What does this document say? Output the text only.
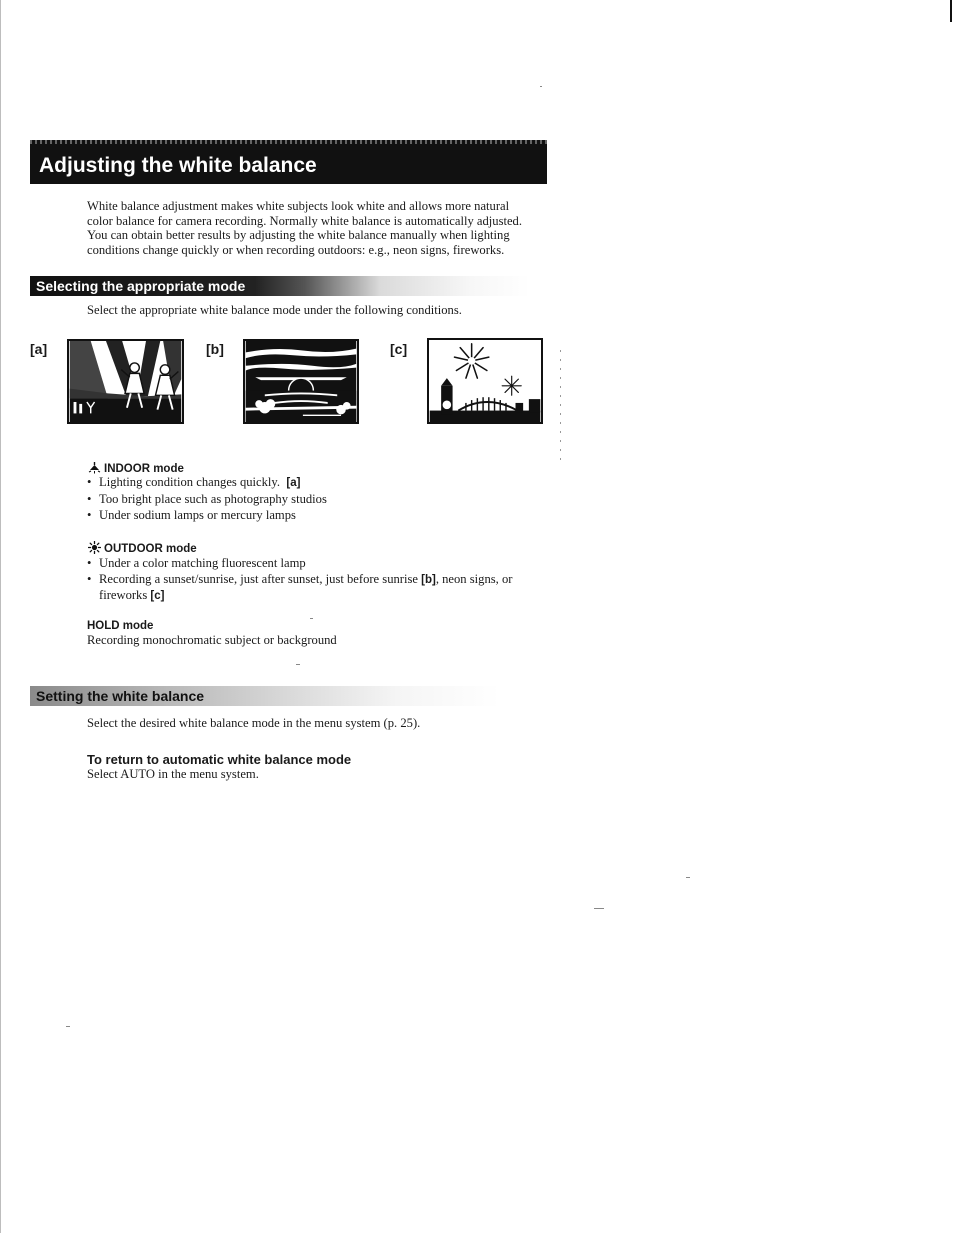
Adjusting the white balance
White balance adjustment makes white subjects look white and allows more natural
color balance for camera recording. Normally white balance is automatically adjusted.
You can obtain better results by adjusting the white balance manually when lighting
conditions change quickly or when recording outdoors: e.g., neon signs, fireworks.
Selecting the appropriate mode
Select the appropriate white balance mode under the following conditions.
[a]	[b]	[c]
INDOOR mode
• Lighting condition changes quickly. [a]
• Too bright place such as photography studios
• Under sodium lamps or mercury lamps
OUTDOOR mode
• Under a color matching fluorescent lamp
• Recording a sunset/sunrise, just after sunset, just before sunrise [b], neon signs, or
fireworks [c]
HOLD mode
Recording monochromatic subject or background
Setting the white balance
Select the desired white balance mode in the menu system (p. 25).
To return to automatic white balance mode
Select AUTO in the menu system.
